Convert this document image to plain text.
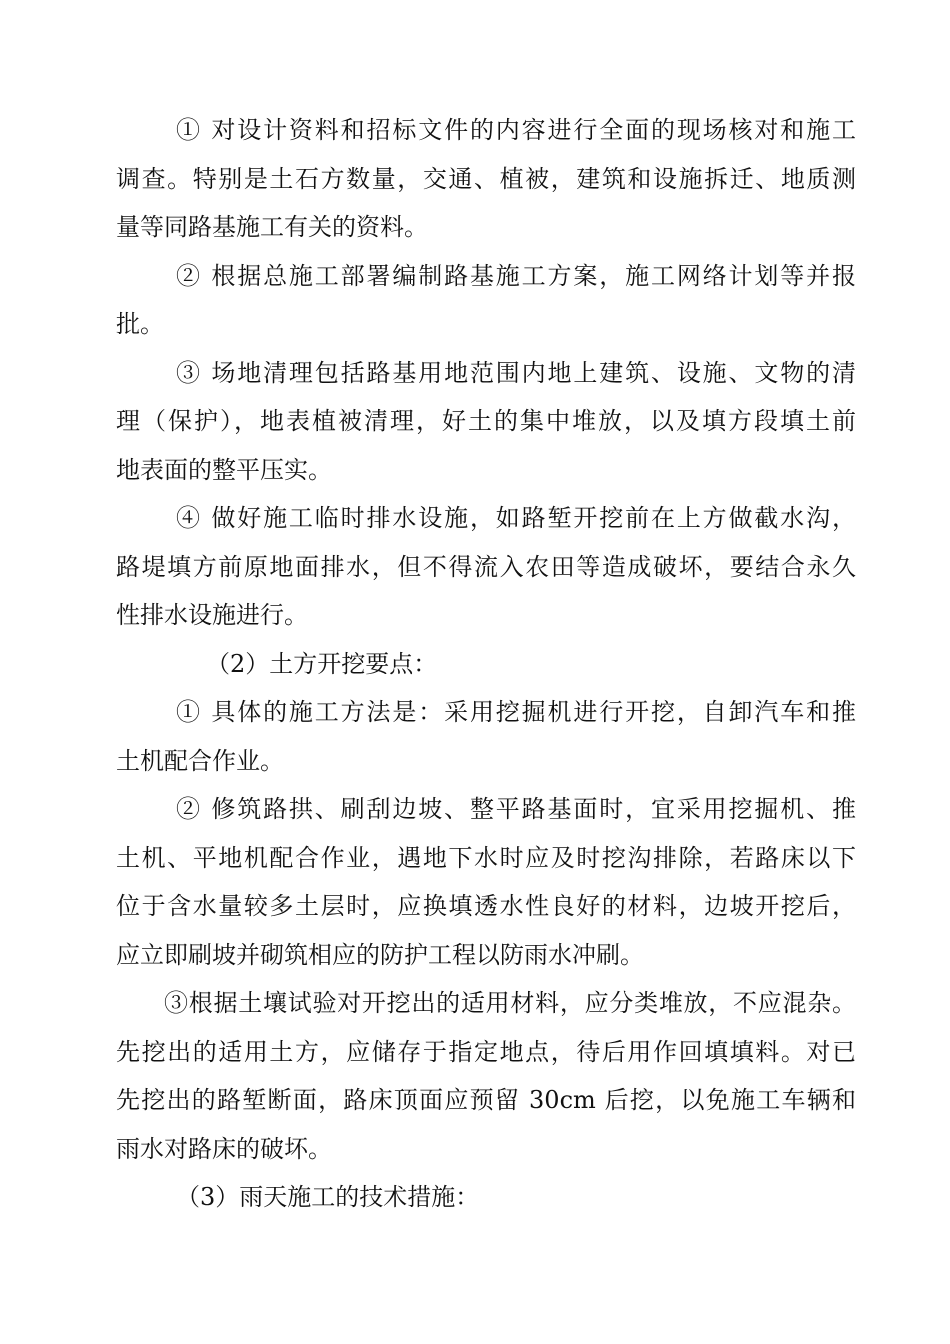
① 对设计资料和招标文件的内容进行全面的现场核对和施工
调查。特别是土石方数量，交通、植被，建筑和设施拆迁、地质测
量等同路基施工有关的资料。
② 根据总施工部署编制路基施工方案，施工网络计划等并报
批。
③ 场地清理包括路基用地范围内地上建筑、设施、文物的清
理（保护），地表植被清理，好土的集中堆放，以及填方段填土前
地表面的整平压实。
④ 做好施工临时排水设施，如路堑开挖前在上方做截水沟，
路堤填方前原地面排水，但不得流入农田等造成破坏，要结合永久
性排水设施进行。
（2）土方开挖要点：
① 具体的施工方法是：采用挖掘机进行开挖，自卸汽车和推
土机配合作业。
② 修筑路拱、刷刮边坡、整平路基面时，宜采用挖掘机、推
土机、平地机配合作业，遇地下水时应及时挖沟排除，若路床以下
位于含水量较多土层时，应换填透水性良好的材料，边坡开挖后，
应立即刷坡并砌筑相应的防护工程以防雨水冲刷。
③根据土壤试验对开挖出的适用材料，应分类堆放，不应混杂。
先挖出的适用土方，应储存于指定地点，待后用作回填填料。对已
先挖出的路堑断面，路床顶面应预留 30cm 后挖，以免施工车辆和
雨水对路床的破坏。
（3）雨天施工的技术措施：
